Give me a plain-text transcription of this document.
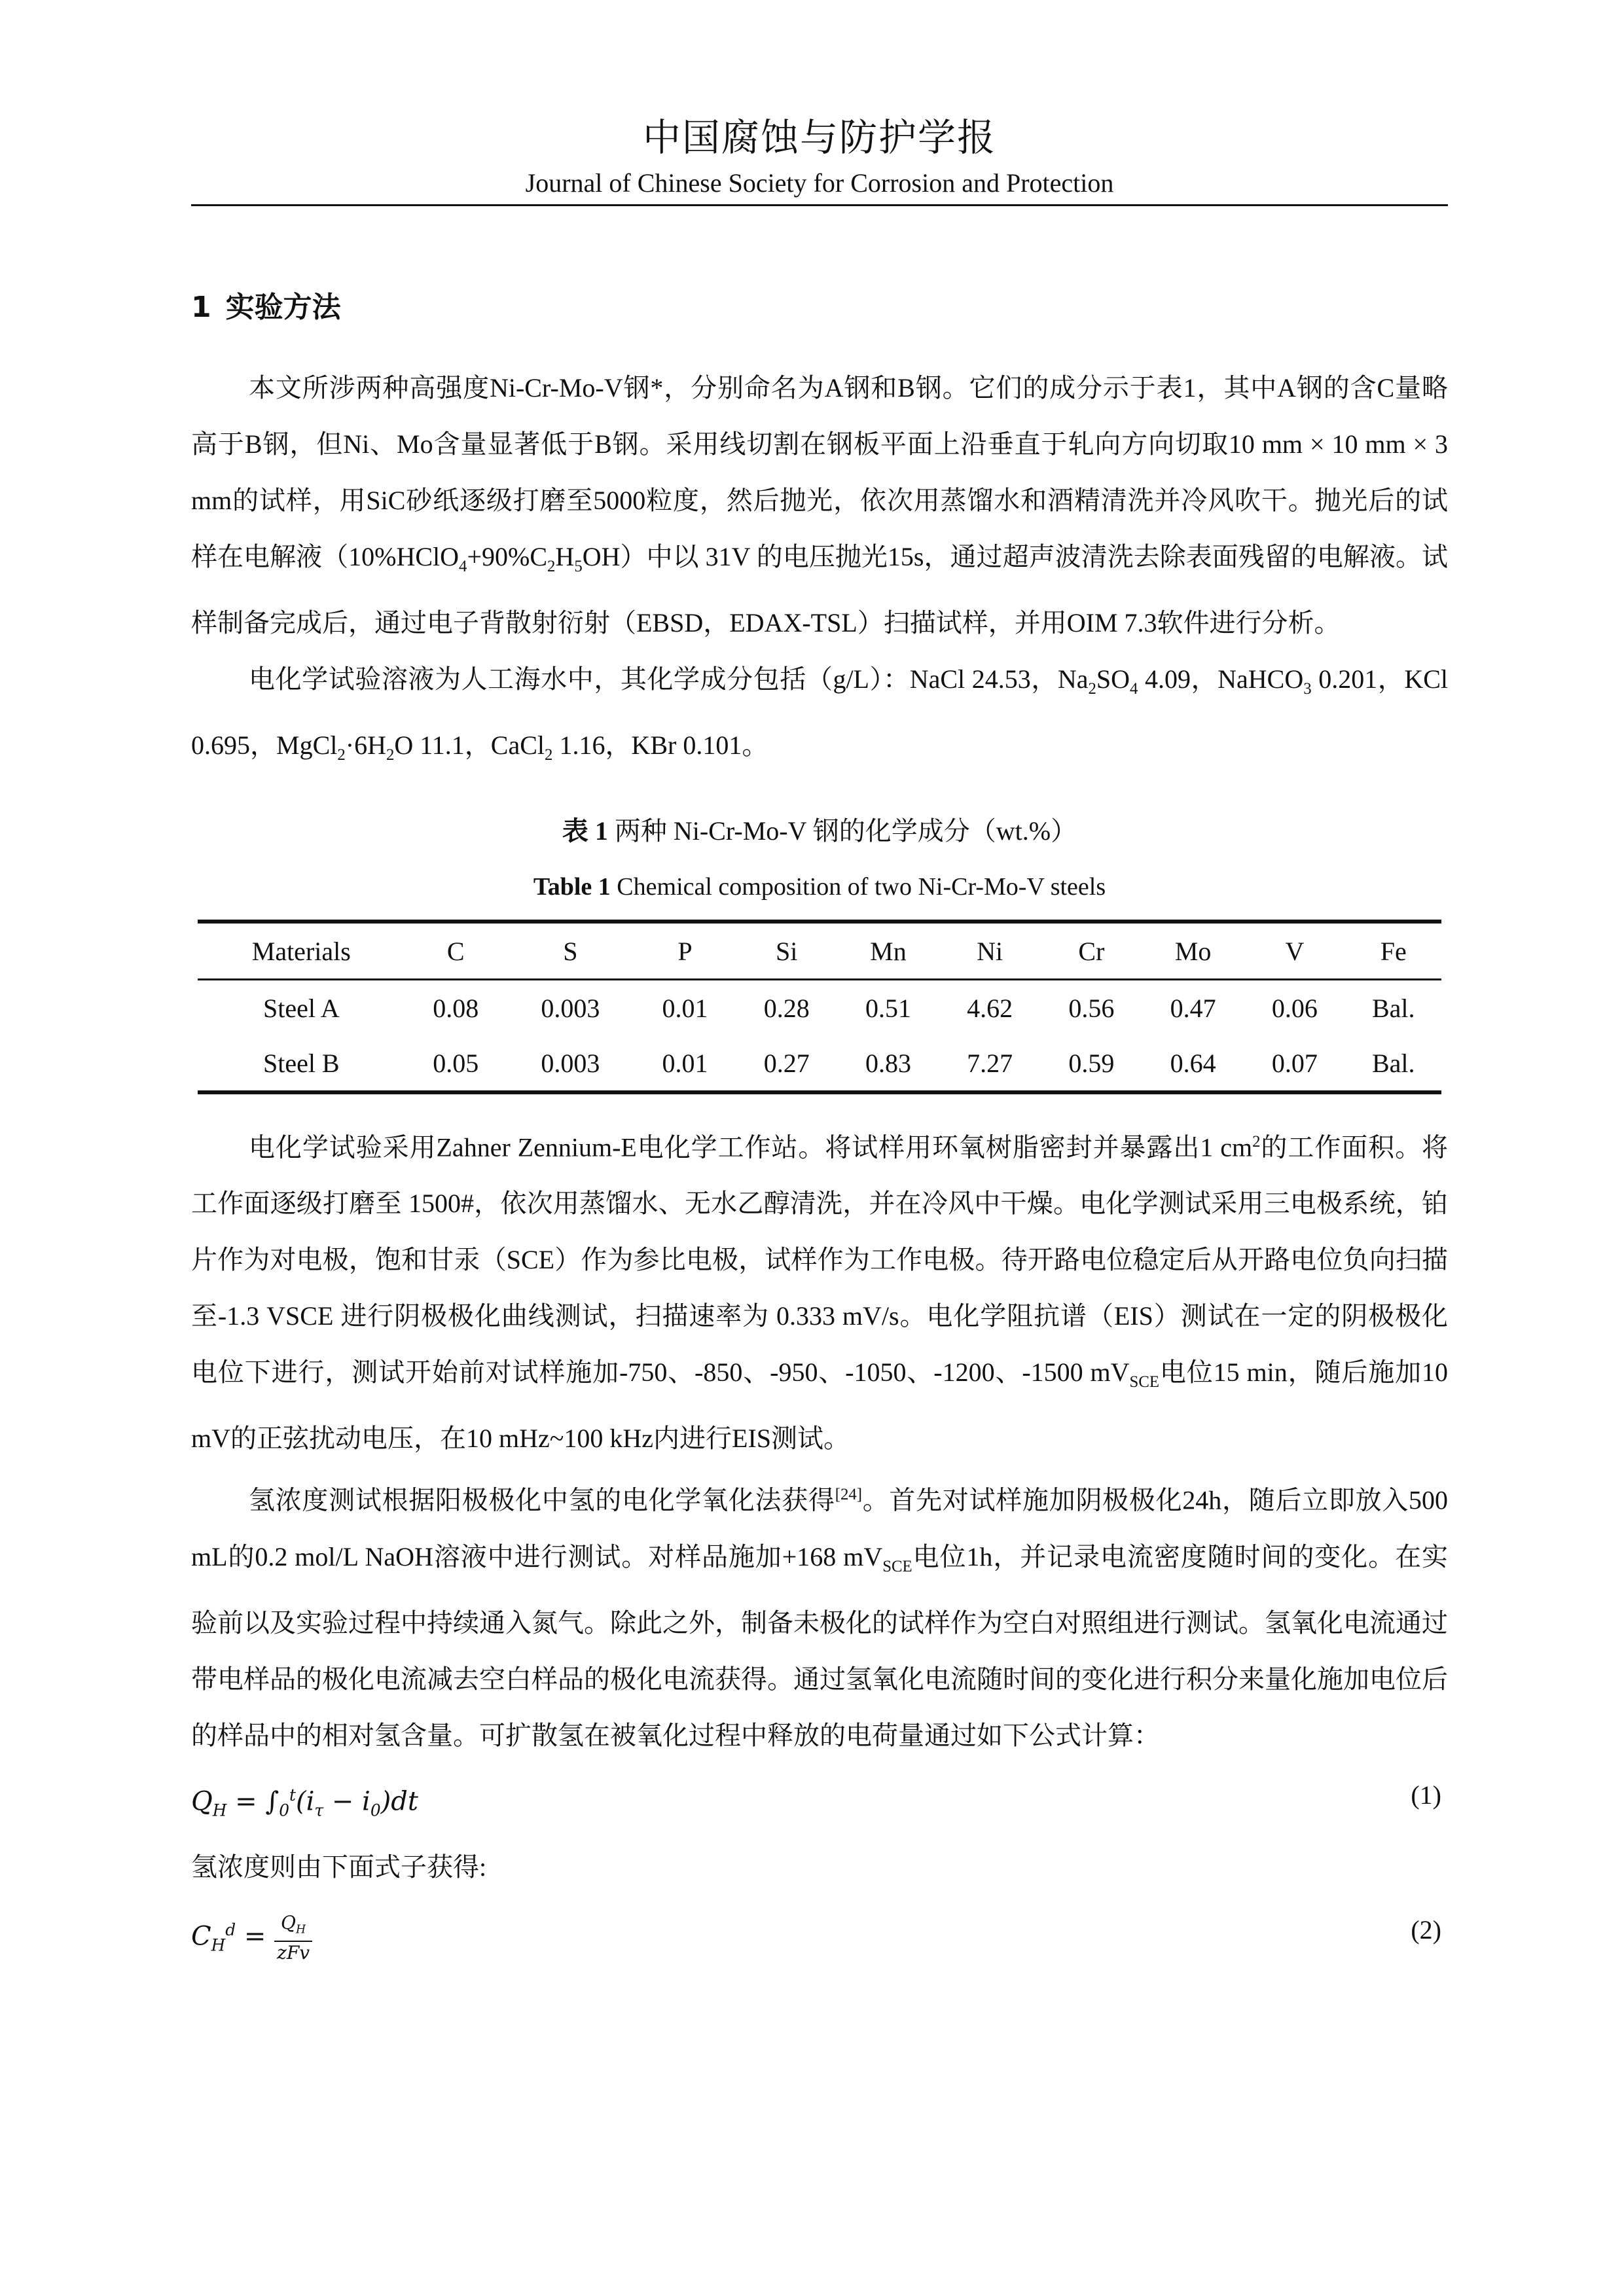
中国腐蚀与防护学报
Journal of Chinese Society for Corrosion and Protection
1 实验方法

本文所涉两种高强度Ni-Cr-Mo-V钢*，分别命名为A钢和B钢。它们的成分示于表1，其中A钢的含C量略高于B钢，但Ni、Mo含量显著低于B钢。采用线切割在钢板平面上沿垂直于轧向方向切取10 mm × 10 mm × 3 mm的试样，用SiC砂纸逐级打磨至5000粒度，然后抛光，依次用蒸馏水和酒精清洗并冷风吹干。抛光后的试样在电解液$(10\%HClO_4+90\%C_2H_5OH)$中以 31V 的电压抛光15s，通过超声波清洗去除表面残留的电解液。试样制备完成后，通过电子背散射衍射（EBSD，EDAX-TSL）扫描试样，并用OIM 7.3软件进行分析。

电化学试验溶液为人工海水中，其化学成分包括（g/L）：NaCl 24.53，$Na_2SO_4$ 4.09，NaHCO$_3$ 0.201，KCl 0.695，$MgCl_2\cdot 6H_2O$ 11.1，CaCl$_2$ 1.16，KBr 0.101。

表 1 两种 Ni-Cr-Mo-V 钢的化学成分（wt.%）
Table 1 Chemical composition of two Ni-Cr-Mo-V steels
Materials	C	S	P	Si	Mn	Ni	Cr	Mo	V	Fe
Steel A	0.08	0.003	0.01	0.28	0.51	4.62	0.56	0.47	0.06	Bal.
Steel B	0.05	0.003	0.01	0.27	0.83	7.27	0.59	0.64	0.07	Bal.

电化学试验采用Zahner Zennium-E电化学工作站。将试样用环氧树脂密封并暴露出1 $cm^2$的工作面积。将工作面逐级打磨至 1500#，依次用蒸馏水、无水乙醇清洗，并在冷风中干燥。电化学测试采用三电极系统，铂片作为对电极，饱和甘汞（SCE）作为参比电极，试样作为工作电极。待开路电位稳定后从开路电位负向扫描至-1.3 VSCE 进行阴极极化曲线测试，扫描速率为 0.333 mV/s。电化学阻抗谱（EIS）测试在一定的阴极极化电位下进行，测试开始前对试样施加-750、-850、-950、-1050、-1200、-1500 $mV_{SCE}$电位15 min，随后施加10 mV的正弦扰动电压，在10 mHz~100 kHz内进行EIS测试。

氢浓度测试根据阳极极化中氢的电化学氧化法获得[24]。首先对试样施加阴极极化24h，随后立即放入500 mL的0.2 mol/L NaOH溶液中进行测试。对样品施加+168 $mV_{SCE}$电位1h，并记录电流密度随时间的变化。在实验前以及实验过程中持续通入氮气。除此之外，制备未极化的试样作为空白对照组进行测试。氢氧化电流通过带电样品的极化电流减去空白样品的极化电流获得。通过氢氧化电流随时间的变化进行积分来量化施加电位后的样品中的相对氢含量。可扩散氢在被氧化过程中释放的电荷量通过如下公式计算：

$Q_H = \int_0^t(i_\tau - i_0)dt$	(1)

氢浓度则由下面式子获得:

$C_H^d = \frac{Q_H}{\text{zFv}}$	(2)
